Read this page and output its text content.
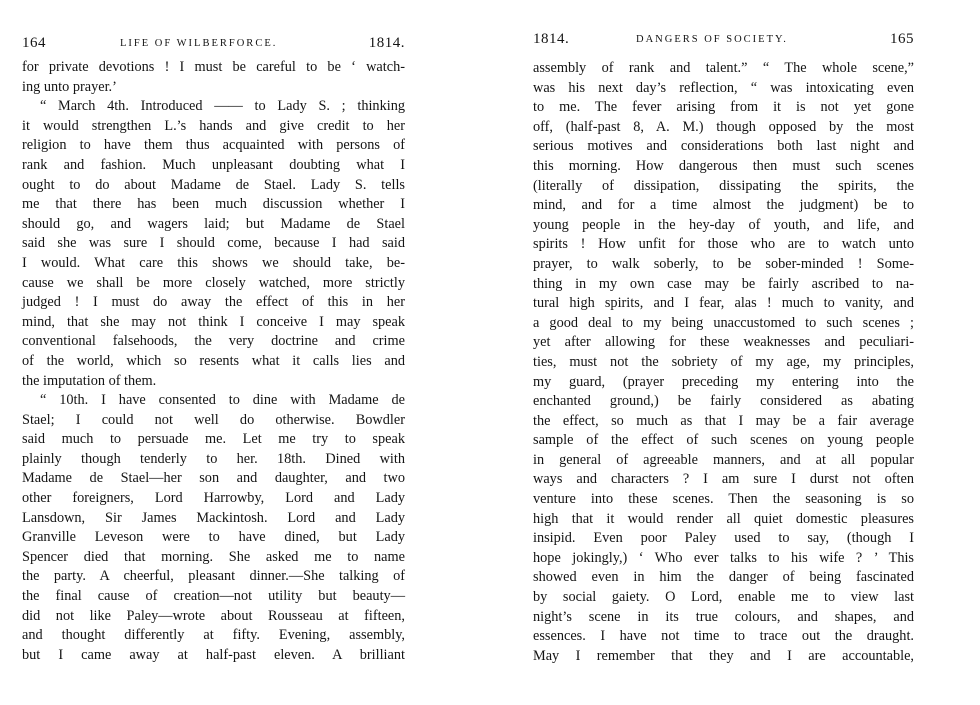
164	LIFE OF WILBERFORCE.	1814.
for private devotions ! I must be careful to be ‘ watch-
ing unto prayer.’
“ March 4th. Introduced —— to Lady S. ; thinking
it would strengthen L.’s hands and give credit to her
religion to have them thus acquainted with persons of
rank and fashion. Much unpleasant doubting what I
ought to do about Madame de Stael. Lady S. tells
me that there has been much discussion whether I
should go, and wagers laid; but Madame de Stael
said she was sure I should come, because I had said
I would. What care this shows we should take, be-
cause we shall be more closely watched, more strictly
judged ! I must do away the effect of this in her
mind, that she may not think I conceive I may speak
conventional falsehoods, the very doctrine and crime
of the world, which so resents what it calls lies and
the imputation of them.
“ 10th. I have consented to dine with Madame de
Stael; I could not well do otherwise. Bowdler
said much to persuade me. Let me try to speak
plainly though tenderly to her. 18th. Dined with
Madame de Stael—her son and daughter, and two
other foreigners, Lord Harrowby, Lord and Lady
Lansdown, Sir James Mackintosh. Lord and Lady
Granville Leveson were to have dined, but Lady
Spencer died that morning. She asked me to name
the party. A cheerful, pleasant dinner.—She talking of
the final cause of creation—not utility but beauty—
did not like Paley—wrote about Rousseau at fifteen,
and thought differently at fifty. Evening, assembly,
but I came away at half-past eleven. A brilliant
1814.	DANGERS OF SOCIETY.	165
assembly of rank and talent.” “ The whole scene,”
was his next day’s reflection, “ was intoxicating even
to me. The fever arising from it is not yet gone
off, (half-past 8, A. M.) though opposed by the most
serious motives and considerations both last night and
this morning. How dangerous then must such scenes
(literally of dissipation, dissipating the spirits, the
mind, and for a time almost the judgment) be to
young people in the hey-day of youth, and life, and
spirits ! How unfit for those who are to watch unto
prayer, to walk soberly, to be sober-minded ! Some-
thing in my own case may be fairly ascribed to na-
tural high spirits, and I fear, alas ! much to vanity, and
a good deal to my being unaccustomed to such scenes ;
yet after allowing for these weaknesses and peculiari-
ties, must not the sobriety of my age, my principles,
my guard, (prayer preceding my entering into the
enchanted ground,) be fairly considered as abating
the effect, so much as that I may be a fair average
sample of the effect of such scenes on young people
in general of agreeable manners, and at all popular
ways and characters ? I am sure I durst not often
venture into these scenes. Then the seasoning is so
high that it would render all quiet domestic pleasures
insipid. Even poor Paley used to say, (though I
hope jokingly,) ‘ Who ever talks to his wife ? ’ This
showed even in him the danger of being fascinated
by social gaiety. O Lord, enable me to view last
night’s scene in its true colours, and shapes, and
essences. I have not time to trace out the draught.
May I remember that they and I are accountable,
